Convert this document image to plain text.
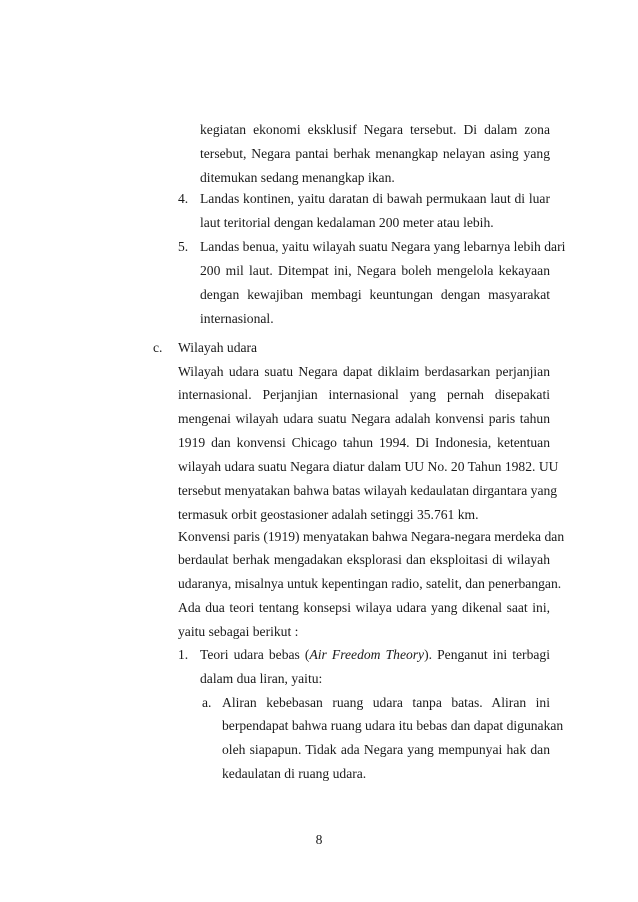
kegiatan ekonomi eksklusif Negara tersebut. Di dalam zona
tersebut, Negara pantai berhak menangkap nelayan asing yang
ditemukan sedang menangkap ikan.
4. Landas kontinen, yaitu daratan di bawah permukaan laut di luar
laut teritorial dengan kedalaman 200 meter atau lebih.
5. Landas benua, yaitu wilayah suatu Negara yang lebarnya lebih dari
200 mil laut. Ditempat ini, Negara boleh mengelola kekayaan
dengan kewajiban membagi keuntungan dengan masyarakat
internasional.
c. Wilayah udara
Wilayah udara suatu Negara dapat diklaim berdasarkan perjanjian
internasional. Perjanjian internasional yang pernah disepakati
mengenai wilayah udara suatu Negara adalah konvensi paris tahun
1919 dan konvensi Chicago tahun 1994. Di Indonesia, ketentuan
wilayah udara suatu Negara diatur dalam UU No. 20 Tahun 1982. UU
tersebut menyatakan bahwa batas wilayah kedaulatan dirgantara yang
termasuk orbit geostasioner adalah setinggi 35.761 km.
Konvensi paris (1919) menyatakan bahwa Negara-negara merdeka dan
berdaulat berhak mengadakan eksplorasi dan eksploitasi di wilayah
udaranya, misalnya untuk kepentingan radio, satelit, dan penerbangan.
Ada dua teori tentang konsepsi wilaya udara yang dikenal saat ini,
yaitu sebagai berikut :
1. Teori udara bebas (Air Freedom Theory). Penganut ini terbagi
dalam dua liran, yaitu:
a. Aliran kebebasan ruang udara tanpa batas. Aliran ini
berpendapat bahwa ruang udara itu bebas dan dapat digunakan
oleh siapapun. Tidak ada Negara yang mempunyai hak dan
kedaulatan di ruang udara.
8
